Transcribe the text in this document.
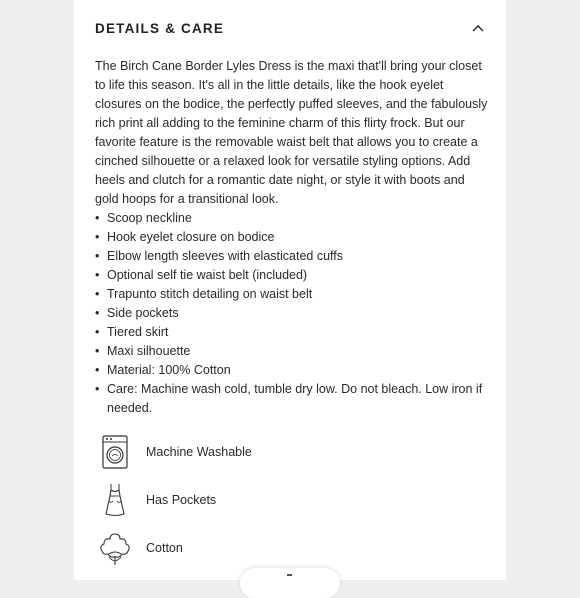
DETAILS & CARE

The Birch Cane Border Lyles Dress is the maxi that'll bring your closet to life this season. It's all in the little details, like the hook eyelet closures on the bodice, the perfectly puffed sleeves, and the fabulously rich print all adding to the feminine charm of this flirty frock. But our favorite feature is the removable waist belt that allows you to create a cinched silhouette or a relaxed look for versatile styling options. Add heels and clutch for a romantic date night, or style it with boots and gold hoops for a transitional look.

• Scoop neckline
• Hook eyelet closure on bodice
• Elbow length sleeves with elasticated cuffs
• Optional self tie waist belt (included)
• Trapunto stitch detailing on waist belt
• Side pockets
• Tiered skirt
• Maxi silhouette
• Material: 100% Cotton
• Care: Machine wash cold, tumble dry low. Do not bleach. Low iron if needed.
Machine Washable
Has Pockets
Cotton
